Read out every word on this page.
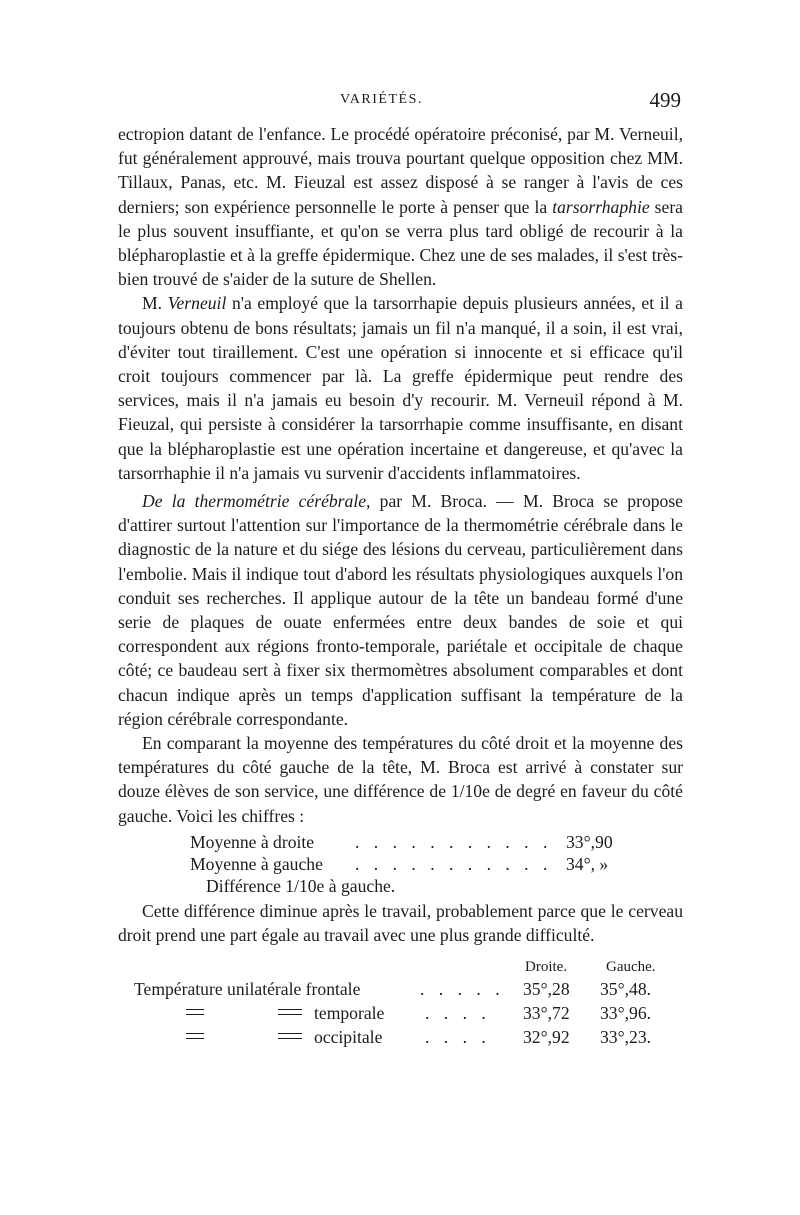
VARIÉTÉS.	499

ectropion datant de l'enfance. Le procédé opératoire préconisé, par M. Verneuil, fut généralement approuvé, mais trouva pourtant quelque opposition chez MM. Tillaux, Panas, etc. M. Fieuzal est assez disposé à se ranger à l'avis de ces derniers; son expérience personnelle le porte à penser que la tarsorrhaphie sera le plus souvent insuffiante, et qu'on se verra plus tard obligé de recourir à la blépharoplastie et à la greffe épidermique. Chez une de ses malades, il s'est très-bien trouvé de s'aider de la suture de Shellen.

M. Verneuil n'a employé que la tarsorrhapie depuis plusieurs années, et il a toujours obtenu de bons résultats; jamais un fil n'a manqué, il a soin, il est vrai, d'éviter tout tiraillement. C'est une opération si innocente et si efficace qu'il croit toujours commencer par là. La greffe épidermique peut rendre des services, mais il n'a jamais eu besoin d'y recourir. M. Verneuil répond à M. Fieuzal, qui persiste à considérer la tarsorrhapie comme insuffisante, en disant que la blépharoplastie est une opération incertaine et dangereuse, et qu'avec la tarsorrhaphie il n'a jamais vu survenir d'accidents inflammatoires.

De la thermométrie cérébrale, par M. Broca. — M. Broca se propose d'attirer surtout l'attention sur l'importance de la thermométrie cérébrale dans le diagnostic de la nature et du siége des lésions du cerveau, particulièrement dans l'embolie. Mais il indique tout d'abord les résultats physiologiques auxquels l'on conduit ses recherches. Il applique autour de la tête un bandeau formé d'une serie de plaques de ouate enfermées entre deux bandes de soie et qui correspondent aux régions fronto-temporale, pariétale et occipitale de chaque côté; ce baudeau sert à fixer six thermomètres absolument comparables et dont chacun indique après un temps d'application suffisant la température de la région cérébrale correspondante.

En comparant la moyenne des températures du côté droit et la moyenne des températures du côté gauche de la tête, M. Broca est arrivé à constater sur douze élèves de son service, une différence de 1/10e de degré en faveur du côté gauche. Voici les chiffres :

Moyenne à droite . . . . . . . . . . . 33°,90
Moyenne à gauche . . . . . . . . . . . 34°, »
Différence 1/10e à gauche.

Cette différence diminue après le travail, probablement parce que le cerveau droit prend une part égale au travail avec une plus grande difficulté.

Droite.	Gauche.
Température unilatérale frontale	. . . . . 35°,28 35°,48.
temporale . . . . 33°,72 33°,96.
occipitale . . . . 32°,92 33°,23.
